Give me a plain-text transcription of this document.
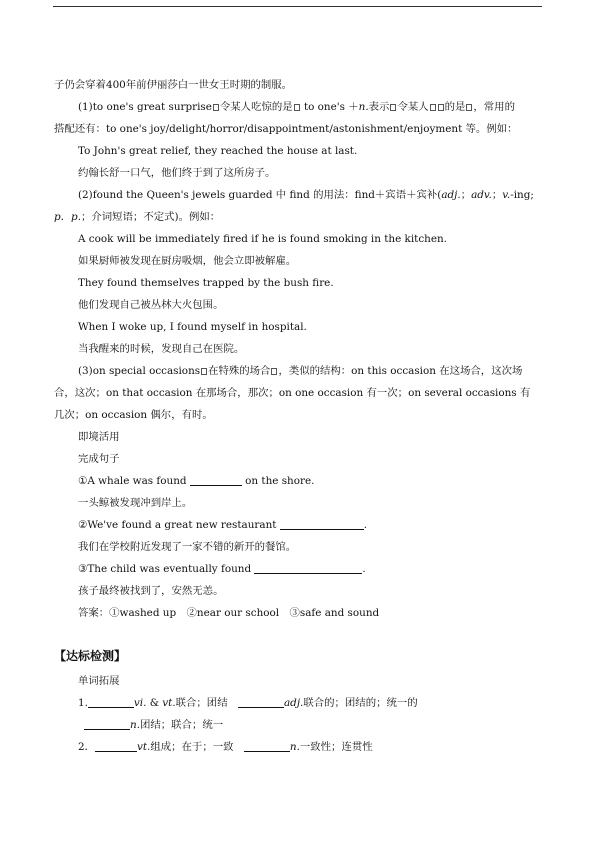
子仍会穿着400年前伊丽莎白一世女王时期的制服。
(1)to one's great surprise 令某人吃惊的是 to one's ＋n.表示 令某人 的是 ，常用的
搭配还有：to one's joy/delight/horror/disappointment/astonishment/enjoyment 等。例如：
To John's great relief, they reached the house at last.
约翰长舒一口气，他们终于到了这所房子。
(2)found the Queen's jewels guarded 中 find 的用法：find＋宾语＋宾补(adj.；adv.；v.-ing;
p．p.；介词短语；不定式)。例如：
A cook will be immediately fired if he is found smoking in the kitchen.
如果厨师被发现在厨房吸烟，他会立即被解雇。
They found themselves trapped by the bush fire.
他们发现自己被丛林大火包围。
When I woke up, I found myself in hospital.
当我醒来的时候，发现自己在医院。
(3)on special occasions 在特殊的场合 ，类似的结构：on this occasion 在这场合，这次场
合，这次；on that occasion 在那场合，那次；on one occasion 有一次；on several occasions 有
几次；on occasion 偶尔，有时。
即境活用
完成句子
①A whale was found	on the shore.
一头鲸被发现冲到岸上。
②We've found a great new restaurant	.
我们在学校附近发现了一家不错的新开的餐馆。
③The child was eventually found	.
孩子最终被找到了，安然无恙。
答案：①washed up　②near our school　③safe and sound
【达标检测】
单词拓展
1.	vi. & vt.联合；团结　	adj.联合的；团结的；统一的
n.团结；联合；统一
2．	vt.组成；在于；一致　	n.一致性；连贯性
